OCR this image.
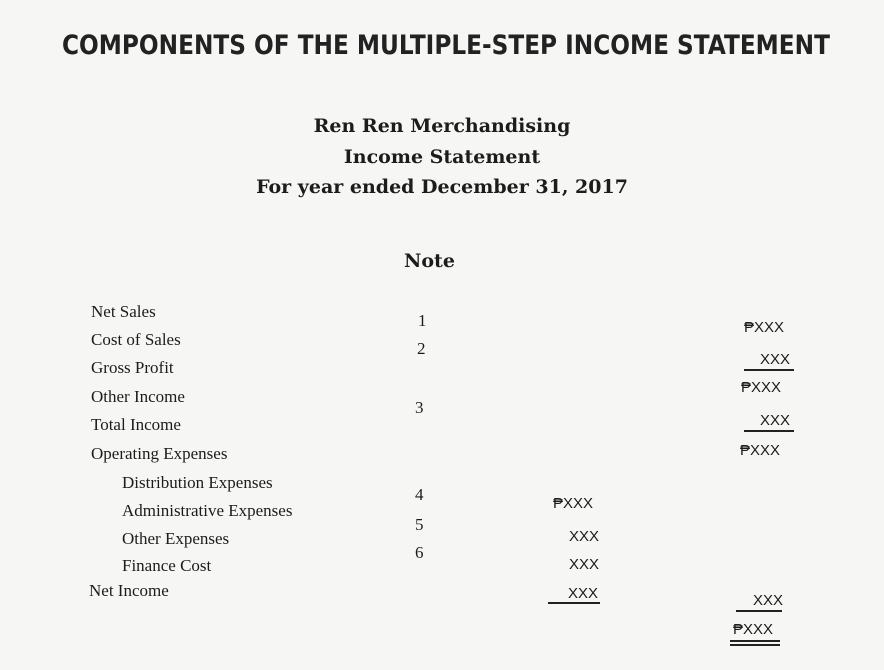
COMPONENTS OF THE MULTIPLE-STEP INCOME STATEMENT
Ren Ren Merchandising
Income Statement
For year ended December 31, 2017
Note
Net Sales
Cost of Sales
Gross Profit
Other Income
Total Income
Operating Expenses
Distribution Expenses
Administrative Expenses
Other Expenses
Finance Cost
Net Income
1
2
3
4
5
6
₱XXX
XXX
XXX
XXX
₱XXX
XXX
₱XXX
XXX
₱XXX
XXX
₱XXX
